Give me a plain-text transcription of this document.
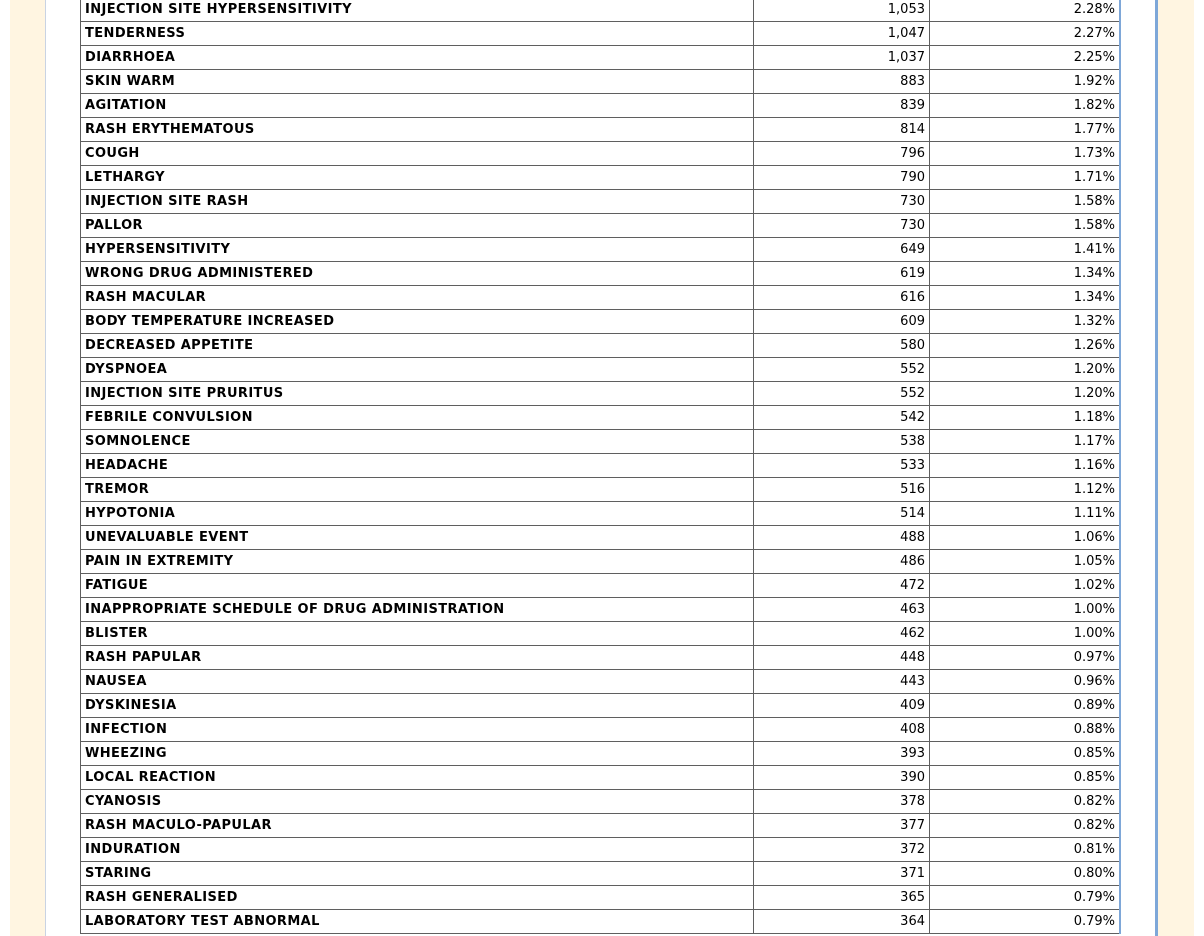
INJECTION SITE HYPERSENSITIVITY	1,053	2.28%
TENDERNESS	1,047	2.27%
DIARRHOEA	1,037	2.25%
SKIN WARM	883	1.92%
AGITATION	839	1.82%
RASH ERYTHEMATOUS	814	1.77%
COUGH	796	1.73%
LETHARGY	790	1.71%
INJECTION SITE RASH	730	1.58%
PALLOR	730	1.58%
HYPERSENSITIVITY	649	1.41%
WRONG DRUG ADMINISTERED	619	1.34%
RASH MACULAR	616	1.34%
BODY TEMPERATURE INCREASED	609	1.32%
DECREASED APPETITE	580	1.26%
DYSPNOEA	552	1.20%
INJECTION SITE PRURITUS	552	1.20%
FEBRILE CONVULSION	542	1.18%
SOMNOLENCE	538	1.17%
HEADACHE	533	1.16%
TREMOR	516	1.12%
HYPOTONIA	514	1.11%
UNEVALUABLE EVENT	488	1.06%
PAIN IN EXTREMITY	486	1.05%
FATIGUE	472	1.02%
INAPPROPRIATE SCHEDULE OF DRUG ADMINISTRATION	463	1.00%
BLISTER	462	1.00%
RASH PAPULAR	448	0.97%
NAUSEA	443	0.96%
DYSKINESIA	409	0.89%
INFECTION	408	0.88%
WHEEZING	393	0.85%
LOCAL REACTION	390	0.85%
CYANOSIS	378	0.82%
RASH MACULO-PAPULAR	377	0.82%
INDURATION	372	0.81%
STARING	371	0.80%
RASH GENERALISED	365	0.79%
LABORATORY TEST ABNORMAL	364	0.79%
